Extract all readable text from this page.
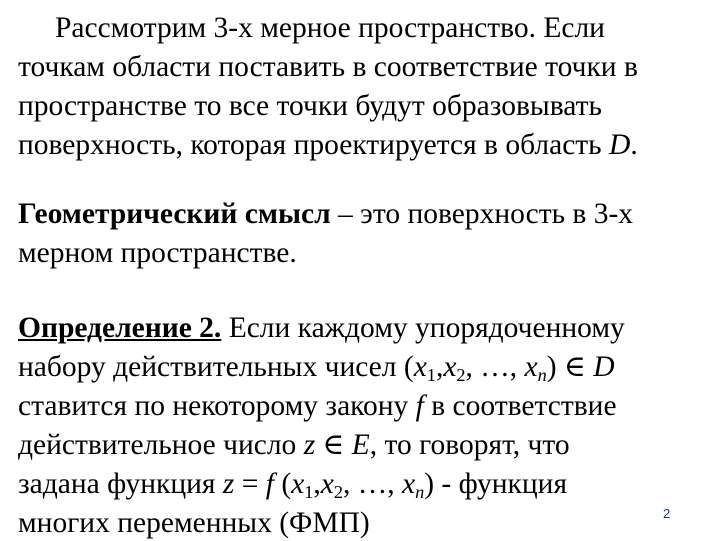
Рассмотрим 3-х мерное пространство. Если
точкам области поставить в соответствие точки в
пространстве то все точки будут образовывать
поверхность, которая проектируется в область D.
Геометрический смысл – это поверхность в 3-х
мерном пространстве.
Определение 2. Если каждому упорядоченному
набору действительных чисел ($x_1,x_2$, …, $x_n$) ∈ D
ставится по некоторому закону f в соответствие
действительное число z ∈ E, то говорят, что
задана функция z = f ($x_1,x_2$, …, $x_n$) - функция
многих переменных (ФМП)	2
